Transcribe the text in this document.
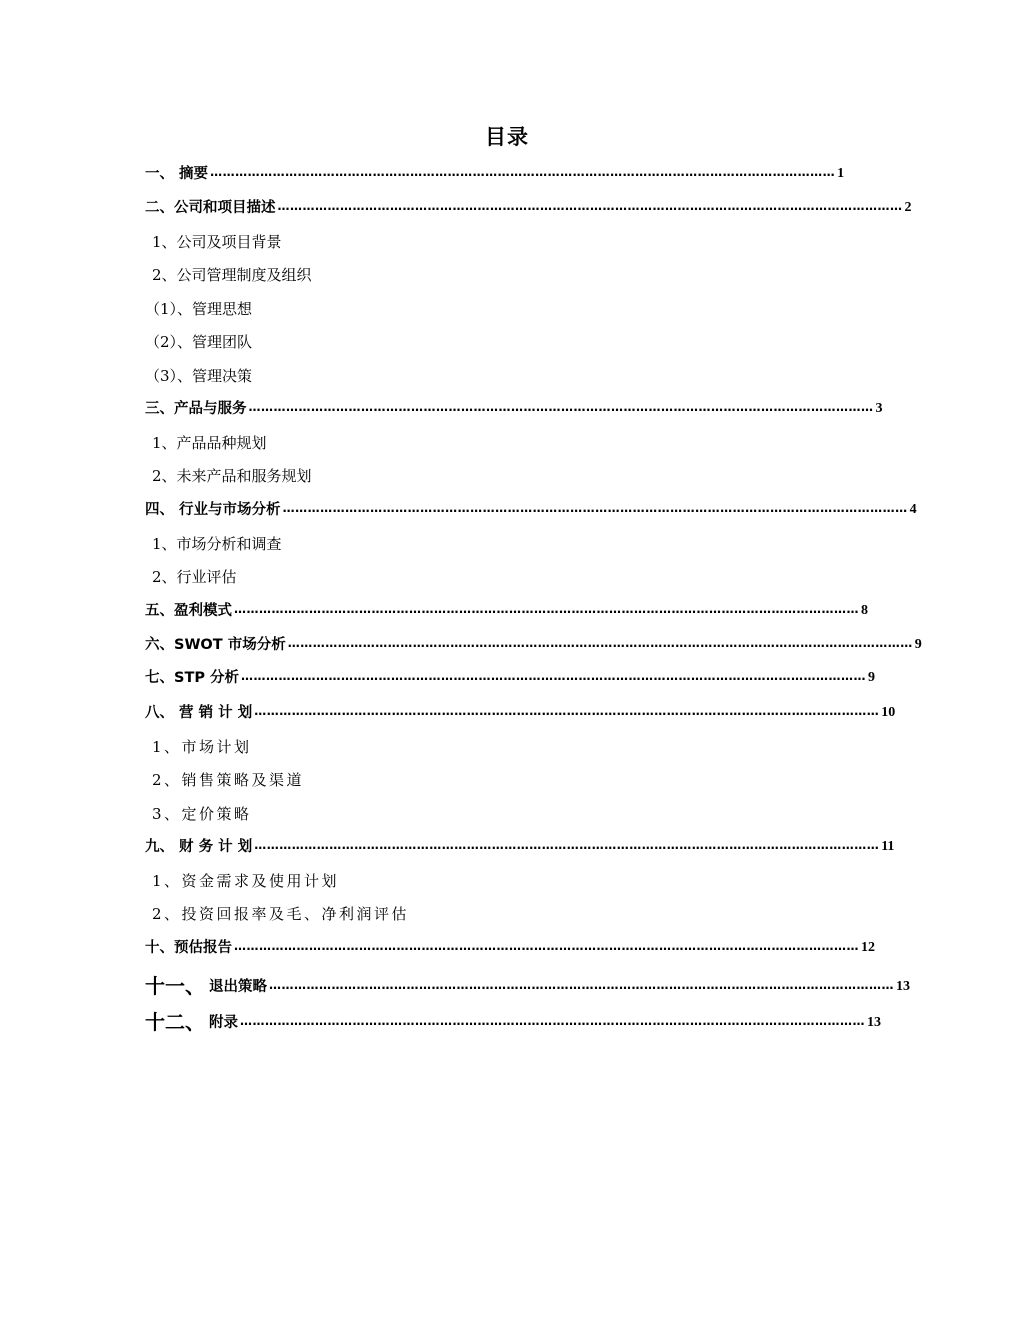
目录
一、 摘要 …………………………………………………………………………………………………………………………………… 1
二、公司和项目描述 …………………………………………………………………………………………………………………………………… 2
1、公司及项目背景
2、公司管理制度及组织
（1）、管理思想
（2）、管理团队
（3）、管理决策
三、产品与服务 …………………………………………………………………………………………………………………………………… 3
1、产品品种规划
2、未来产品和服务规划
四、 行业与市场分析 …………………………………………………………………………………………………………………………………… 4
1、市场分析和调查
2、行业评估
五、盈利模式 …………………………………………………………………………………………………………………………………… 8
六、SWOT 市场分析 …………………………………………………………………………………………………………………………………… 9
七、STP 分析 …………………………………………………………………………………………………………………………………… 9
八、 营 销 计 划 …………………………………………………………………………………………………………………………………… 10
1、市场计划
2、销售策略及渠道
3、定价策略
九、 财 务 计 划 …………………………………………………………………………………………………………………………………… 11
1、资金需求及使用计划
2、投资回报率及毛、净利润评估
十、预估报告 …………………………………………………………………………………………………………………………………… 12
十一、 退出策略 …………………………………………………………………………………………………………………………………… 13
十二、 附录 …………………………………………………………………………………………………………………………………… 13
